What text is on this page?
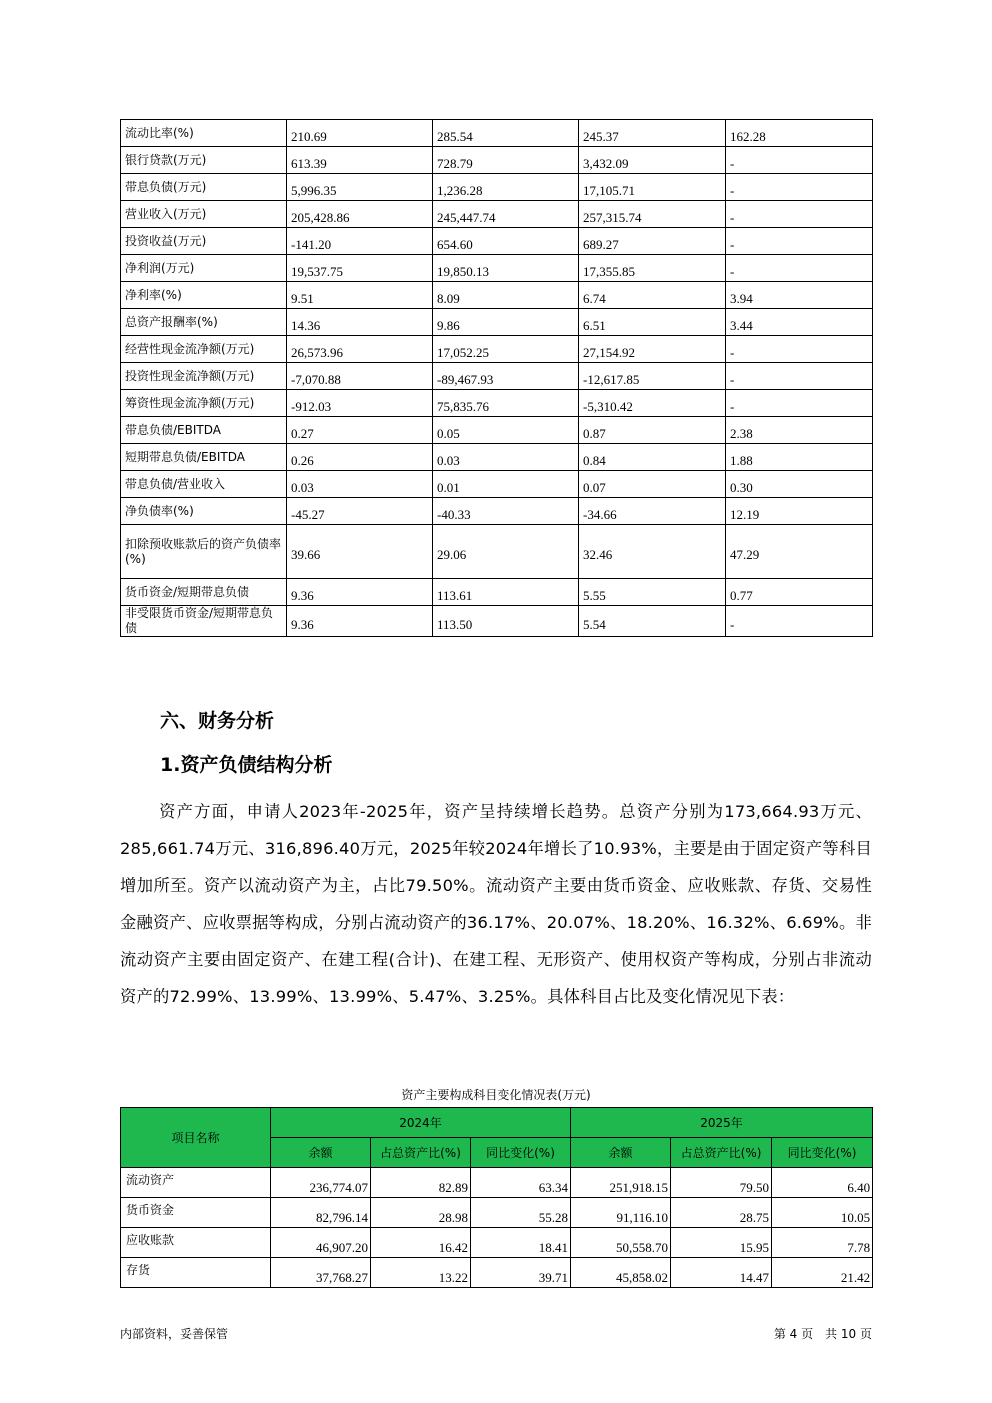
流动比率(%)	210.69	285.54	245.37	162.28
银行贷款(万元)	613.39	728.79	3,432.09	-
带息负债(万元)	5,996.35	1,236.28	17,105.71	-
营业收入(万元)	205,428.86	245,447.74	257,315.74	-
投资收益(万元)	-141.20	654.60	689.27	-
净利润(万元)	19,537.75	19,850.13	17,355.85	-
净利率(%)	9.51	8.09	6.74	3.94
总资产报酬率(%)	14.36	9.86	6.51	3.44
经营性现金流净额(万元)	26,573.96	17,052.25	27,154.92	-
投资性现金流净额(万元)	-7,070.88	-89,467.93	-12,617.85	-
筹资性现金流净额(万元)	-912.03	75,835.76	-5,310.42	-
带息负债/EBITDA	0.27	0.05	0.87	2.38
短期带息负债/EBITDA	0.26	0.03	0.84	1.88
带息负债/营业收入	0.03	0.01	0.07	0.30
净负债率(%)	-45.27	-40.33	-34.66	12.19
扣除预收账款后的资产负债率(%)	39.66	29.06	32.46	47.29
货币资金/短期带息负债	9.36	113.61	5.55	0.77
非受限货币资金/短期带息负债	9.36	113.50	5.54	-
六、财务分析
1.资产负债结构分析
资产方面，申请人2023年-2025年，资产呈持续增长趋势。总资产分别为173,664.93万元、285,661.74万元、316,896.40万元，2025年较2024年增长了10.93%，主要是由于固定资产等科目增加所至。资产以流动资产为主，占比79.50%。流动资产主要由货币资金、应收账款、存货、交易性金融资产、应收票据等构成，分别占流动资产的36.17%、20.07%、18.20%、16.32%、6.69%。非流动资产主要由固定资产、在建工程(合计)、在建工程、无形资产、使用权资产等构成，分别占非流动资产的72.99%、13.99%、13.99%、5.47%、3.25%。具体科目占比及变化情况见下表：
资产主要构成科目变化情况表(万元)
项目名称	2024年			2025年		
	余额	占总资产比(%)	同比变化(%)	余额	占总资产比(%)	同比变化(%)
流动资产	236,774.07	82.89	63.34	251,918.15	79.50	6.40
货币资金	82,796.14	28.98	55.28	91,116.10	28.75	10.05
应收账款	46,907.20	16.42	18.41	50,558.70	15.95	7.78
存货	37,768.27	13.22	39.71	45,858.02	14.47	21.42
内部资料，妥善保管	第 4 页　共 10 页
